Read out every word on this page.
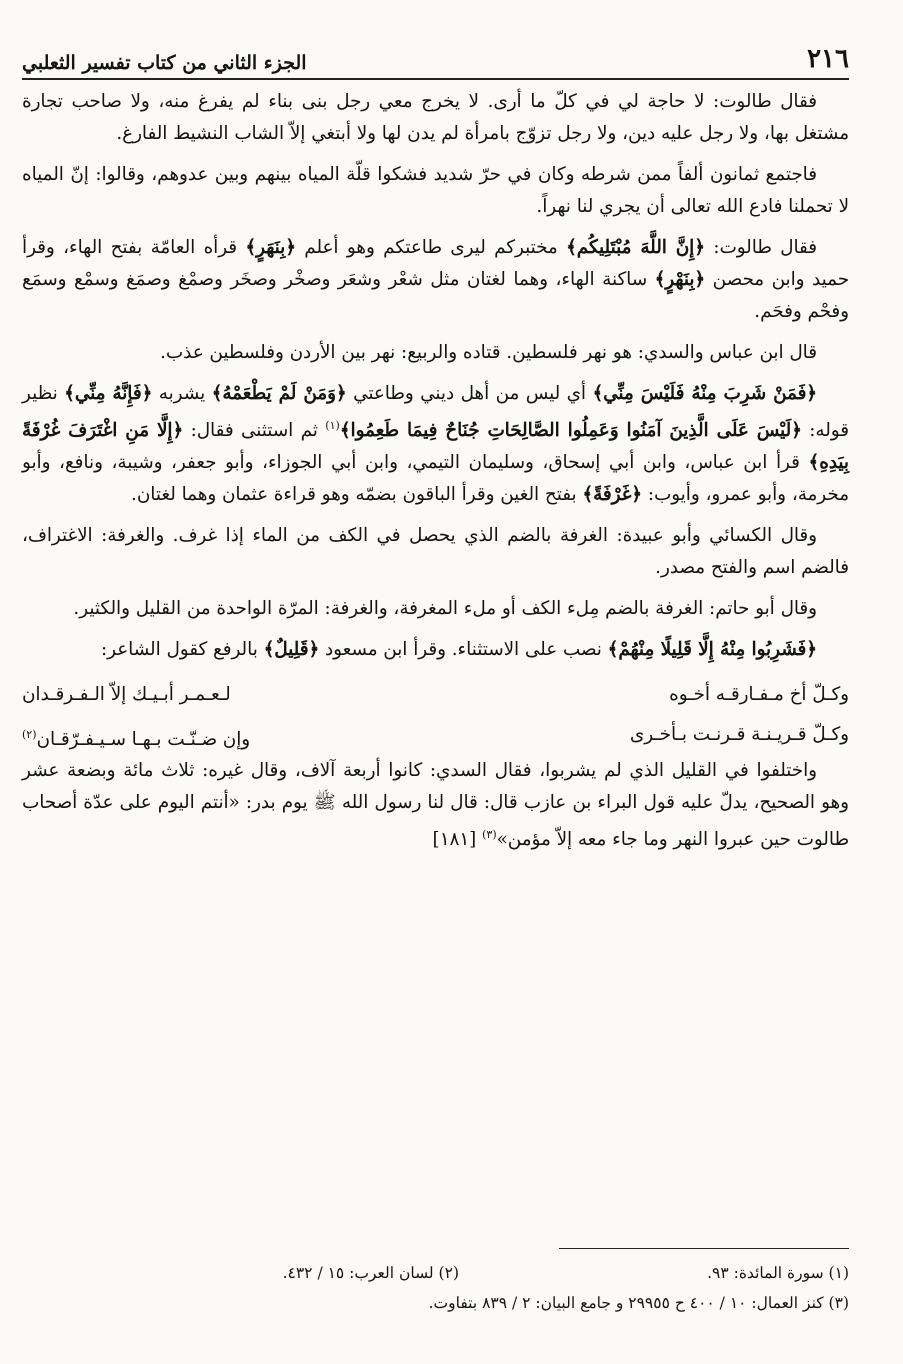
٢١٦
الجزء الثاني من كتاب تفسير الثعلبي

فقال طالوت: لا حاجة لي في كلّ ما أرى. لا يخرج معي رجل بنى بناء لم يفرغ منه، ولا صاحب تجارة مشتغل بها، ولا رجل عليه دين، ولا رجل تزوّج بامرأة لم يدن لها ولا أبتغي إلاّ الشاب النشيط الفارغ.

فاجتمع ثمانون ألفاً ممن شرطه وكان في حرّ شديد فشكوا قلّة المياه بينهم وبين عدوهم، وقالوا: إنّ المياه لا تحملنا فادع الله تعالى أن يجري لنا نهراً.

فقال طالوت: ﴿إِنَّ اللَّهَ مُبْتَلِيكُم﴾ مختبركم ليرى طاعتكم وهو أعلم ﴿بِنَهَرٍ﴾ قرأه العامّة بفتح الهاء، وقرأ حميد وابن محصن ﴿بِنَهْرٍ﴾ ساكنة الهاء، وهما لغتان مثل شعْر وشعَر وصخْر وصخَر وصمْغ وصمَغ وسمْع وسمَع وفحْم وفحَم.

قال ابن عباس والسدي: هو نهر فلسطين. قتاده والربيع: نهر بين الأردن وفلسطين عذب.

﴿فَمَنْ شَرِبَ مِنْهُ فَلَيْسَ مِنِّي﴾ أي ليس من أهل ديني وطاعتي ﴿وَمَنْ لَمْ يَطْعَمْهُ﴾ يشربه ﴿فَإِنَّهُ مِنِّي﴾ نظير قوله: ﴿لَيْسَ عَلَى الَّذِينَ آمَنُوا وَعَمِلُوا الصَّالِحَاتِ جُنَاحٌ فِيمَا طَعِمُوا﴾$^{(١)}$ ثم استثنى فقال: ﴿إِلَّا مَنِ اغْتَرَفَ غُرْفَةً بِيَدِهِ﴾ قرأ ابن عباس، وابن أبي إسحاق، وسليمان التيمي، وابن أبي الجوزاء، وأبو جعفر، وشيبة، ونافع، وأبو مخرمة، وأبو عمرو، وأيوب: ﴿غَرْفَةً﴾ بفتح الغين وقرأ الباقون بضمّه وهو قراءة عثمان وهما لغتان.

وقال الكسائي وأبو عبيدة: الغرفة بالضم الذي يحصل في الكف من الماء إذا غرف. والغرفة: الاغتراف، فالضم اسم والفتح مصدر.

وقال أبو حاتم: الغرفة بالضم مِلء الكف أو ملء المغرفة، والغرفة: المرّة الواحدة من القليل والكثير.

﴿فَشَرِبُوا مِنْهُ إِلَّا قَلِيلًا مِنْهُمْ﴾ نصب على الاستثناء. وقرأ ابن مسعود ﴿قَلِيلٌ﴾ بالرفع كقول الشاعر:

وكـلّ أخ مـفـارقـه أخـوه
لـعـمـر أبـيـك إلاّ الـفـرقـدان
وكـلّ قـريـنـة قـرنـت بـأخـرى
وإن ضـنّـت بـهـا سـيـفـرّقـان$^{(٢)}$

واختلفوا في القليل الذي لم يشربوا، فقال السدي: كانوا أربعة آلاف، وقال غيره: ثلاث مائة وبضعة عشر وهو الصحيح، يدلّ عليه قول البراء بن عازب قال: قال لنا رسول الله ﷺ يوم بدر: «أنتم اليوم على عدّة أصحاب طالوت حين عبروا النهر وما جاء معه إلاّ مؤمن»$^{(٣)}$ [١٨١]

(١) سورة المائدة: ٩٣.
(٢) لسان العرب: ١٥ / ٤٣٢.
(٣) كنز العمال: ١٠ / ٤٠٠ ح ٢٩٩٥٥ و جامع البيان: ٢ / ٨٣٩ بتفاوت.
